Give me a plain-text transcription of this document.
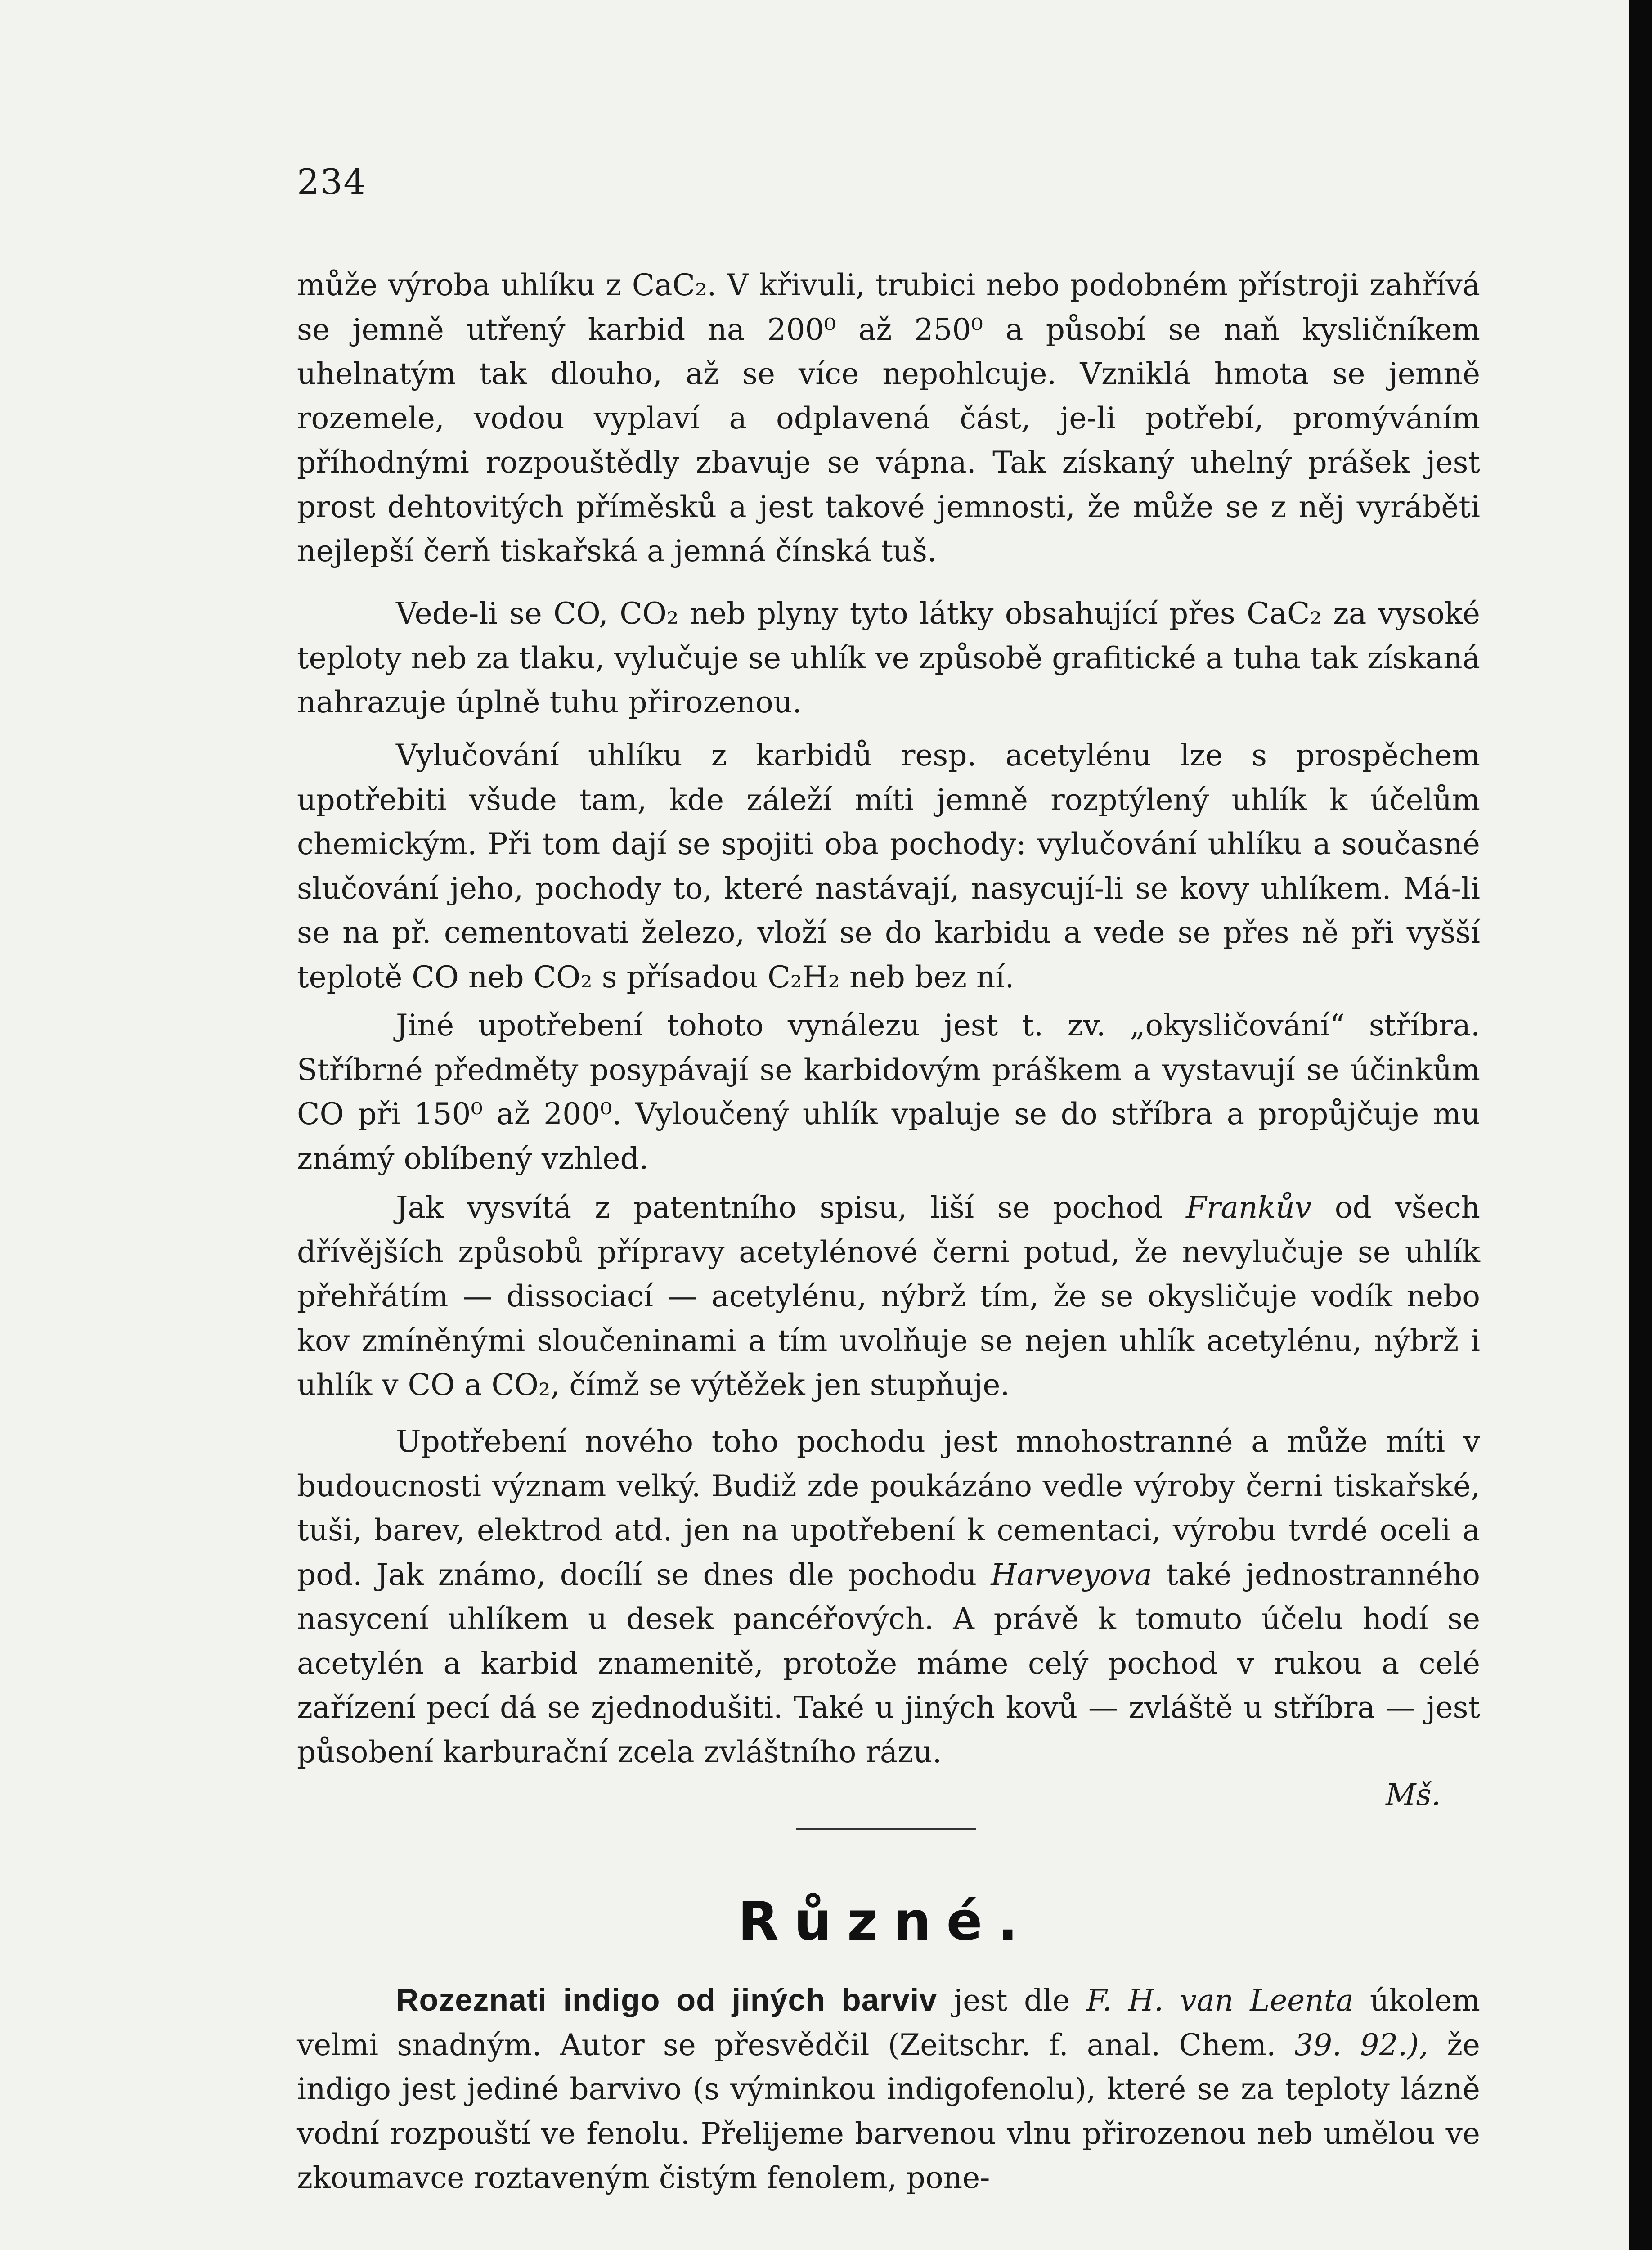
234

může výroba uhlíku z CaC₂. V křivuli, trubici nebo podobném přístroji zahřívá se jemně utřený karbid na 200⁰ až 250⁰ a působí se naň kysličníkem uhelnatým tak dlouho, až se více nepohlcuje. Vzniklá hmota se jemně rozemele, vodou vyplaví a odplavená část, je-li potřebí, promýváním příhodnými rozpouštědly zbavuje se vápna. Tak získaný uhelný prášek jest prost dehtovitých příměsků a jest takové jemnosti, že může se z něj vyráběti nejlepší čerň tiskařská a jemná čínská tuš.

Vede-li se CO, CO₂ neb plyny tyto látky obsahující přes CaC₂ za vysoké teploty neb za tlaku, vylučuje se uhlík ve způsobě grafitické a tuha tak získaná nahrazuje úplně tuhu přirozenou.

Vylučování uhlíku z karbidů resp. acetylénu lze s prospěchem upotřebiti všude tam, kde záleží míti jemně rozptýlený uhlík k účelům chemickým. Při tom dají se spojiti oba pochody: vylučování uhlíku a současné slučování jeho, pochody to, které nastávají, nasycují-li se kovy uhlíkem. Má-li se na př. cementovati železo, vloží se do karbidu a vede se přes ně při vyšší teplotě CO neb CO₂ s přísadou C₂H₂ neb bez ní.

Jiné upotřebení tohoto vynálezu jest t. zv. „okysličování“ stříbra. Stříbrné předměty posypávají se karbidovým práškem a vystavují se účinkům CO při 150⁰ až 200⁰. Vyloučený uhlík vpaluje se do stříbra a propůjčuje mu známý oblíbený vzhled.

Jak vysvítá z patentního spisu, liší se pochod Frankův od všech dřívějších způsobů přípravy acetylénové černi potud, že nevylučuje se uhlík přehřátím — dissociací — acetylénu, nýbrž tím, že se okysličuje vodík nebo kov zmíněnými sloučeninami a tím uvolňuje se nejen uhlík acetylénu, nýbrž i uhlík v CO a CO₂, čímž se výtěžek jen stupňuje.

Upotřebení nového toho pochodu jest mnohostranné a může míti v budoucnosti význam velký. Budiž zde poukázáno vedle výroby černi tiskařské, tuši, barev, elektrod atd. jen na upotřebení k cementaci, výrobu tvrdé oceli a pod. Jak známo, docílí se dnes dle pochodu Harveyova také jednostranného nasycení uhlíkem u desek pancéřových. A právě k tomuto účelu hodí se acetylén a karbid znamenitě, protože máme celý pochod v rukou a celé zařízení pecí dá se zjednodušiti. Také u jiných kovů — zvláště u stříbra — jest působení karburační zcela zvláštního rázu.

Mš.
Různé.

Rozeznati indigo od jiných barviv jest dle F. H. van Leenta úkolem velmi snadným. Autor se přesvědčil (Zeitschr. f. anal. Chem. 39. 92.), že indigo jest jediné barvivo (s výminkou indigofenolu), které se za teploty lázně vodní rozpouští ve fenolu. Přelijeme barvenou vlnu přirozenou neb umělou ve zkoumavce roztaveným čistým fenolem, pone-
